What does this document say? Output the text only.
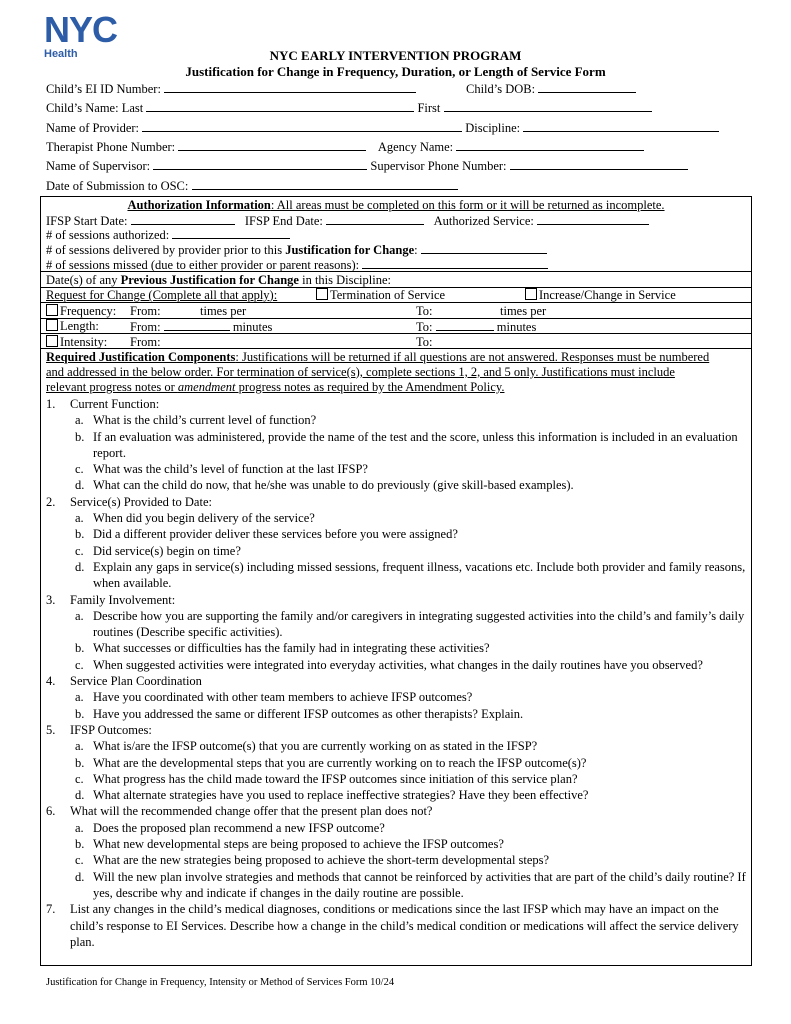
NYC
Health	NYC EARLY INTERVENTION PROGRAM
Justification for Change in Frequency, Duration, or Length of Service Form
Child’s EI ID Number:	Child’s DOB:
Child’s Name: Last	First
Name of Provider:	Discipline:
Therapist Phone Number:	Agency Name:
Name of Supervisor:	Supervisor Phone Number:
Date of Submission to OSC:
Authorization Information: All areas must be completed on this form or it will be returned as incomplete.
IFSP Start Date:	IFSP End Date:	Authorized Service:
# of sessions authorized:
# of sessions delivered by provider prior to this Justification for Change:
# of sessions missed (due to either provider or parent reasons):
Date(s) of any Previous Justification for Change in this Discipline:
Request for Change (Complete all that apply):	Termination of Service	Increase/Change in Service
Frequency: From:	times per	To:	times per
Length: From:	minutes	To:	minutes
Intensity: From:	To:
Required Justification Components: Justifications will be returned if all questions are not answered. Responses must be numbered
and addressed in the below order. For termination of service(s), complete sections 1, 2, and 5 only. Justifications must include
relevant progress notes or amendment progress notes as required by the Amendment Policy.
1. Current Function:
a. What is the child’s current level of function?
b. If an evaluation was administered, provide the name of the test and the score, unless this information is included in an evaluation report.
c. What was the child’s level of function at the last IFSP?
d. What can the child do now, that he/she was unable to do previously (give skill-based examples).
2. Service(s) Provided to Date:
a. When did you begin delivery of the service?
b. Did a different provider deliver these services before you were assigned?
c. Did service(s) begin on time?
d. Explain any gaps in service(s) including missed sessions, frequent illness, vacations etc. Include both provider and family reasons, when available.
3. Family Involvement:
a. Describe how you are supporting the family and/or caregivers in integrating suggested activities into the child’s and family’s daily routines (Describe specific activities).
b. What successes or difficulties has the family had in integrating these activities?
c. When suggested activities were integrated into everyday activities, what changes in the daily routines have you observed?
4. Service Plan Coordination
a. Have you coordinated with other team members to achieve IFSP outcomes?
b. Have you addressed the same or different IFSP outcomes as other therapists? Explain.
5. IFSP Outcomes:
a. What is/are the IFSP outcome(s) that you are currently working on as stated in the IFSP?
b. What are the developmental steps that you are currently working on to reach the IFSP outcome(s)?
c. What progress has the child made toward the IFSP outcomes since initiation of this service plan?
d. What alternate strategies have you used to replace ineffective strategies? Have they been effective?
6. What will the recommended change offer that the present plan does not?
a. Does the proposed plan recommend a new IFSP outcome?
b. What new developmental steps are being proposed to achieve the IFSP outcomes?
c. What are the new strategies being proposed to achieve the short-term developmental steps?
d. Will the new plan involve strategies and methods that cannot be reinforced by activities that are part of the child’s daily routine? If yes, describe why and indicate if changes in the daily routine are possible.
7. List any changes in the child’s medical diagnoses, conditions or medications since the last IFSP which may have an impact on the child’s response to EI Services. Describe how a change in the child’s medical condition or medications will affect the service delivery plan.
Justification for Change in Frequency, Intensity or Method of Services Form 10/24
